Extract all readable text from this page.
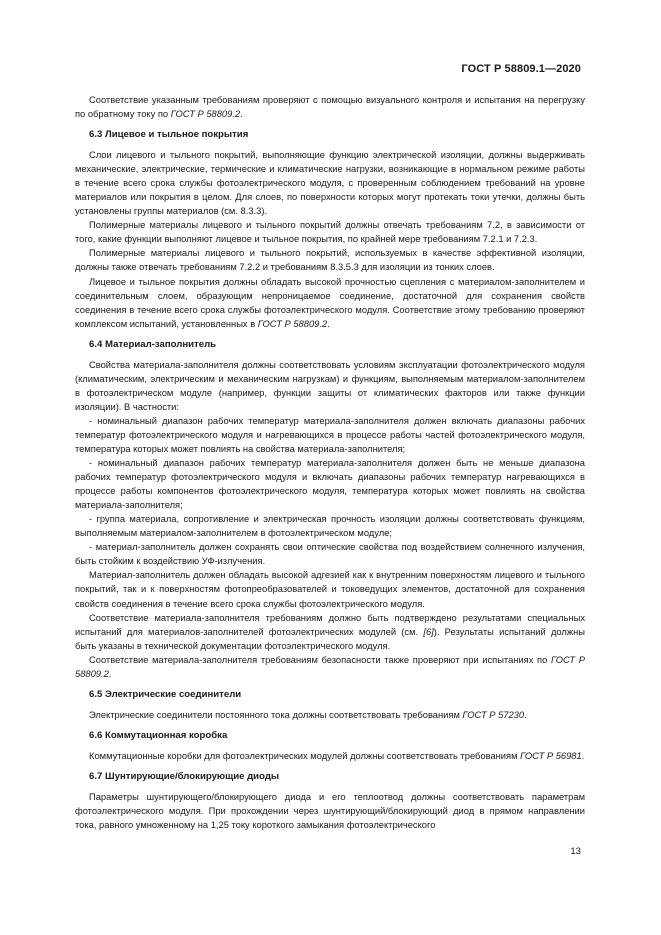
ГОСТ Р 58809.1—2020

Соответствие указанным требованиям проверяют с помощью визуального контроля и испытания на перегрузку по обратному току по ГОСТ Р 58809.2.

6.3 Лицевое и тыльное покрытия

Слои лицевого и тыльного покрытий, выполняющие функцию электрической изоляции, должны выдерживать механические, электрические, термические и климатические нагрузки, возникающие в нормальном режиме работы в течение всего срока службы фотоэлектрического модуля, с проверенным соблюдением требований на уровне материалов или покрытия в целом. Для слоев, по поверхности которых могут протекать токи утечки, должны быть установлены группы материалов (см. 8.3.3).

Полимерные материалы лицевого и тыльного покрытий должны отвечать требованиям 7.2, в зависимости от того, какие функции выполняют лицевое и тыльное покрытия, по крайней мере требованиям 7.2.1 и 7.2.3.

Полимерные материалы лицевого и тыльного покрытий, используемых в качестве эффективной изоляции, должны также отвечать требованиям 7.2.2 и требованиям 8.3.5.3 для изоляции из тонких слоев.

Лицевое и тыльное покрытия должны обладать высокой прочностью сцепления с материалом-заполнителем и соединительным слоем, образующим непроницаемое соединение, достаточной для сохранения свойств соединения в течение всего срока службы фотоэлектрического модуля. Соответствие этому требованию проверяют комплексом испытаний, установленных в ГОСТ Р 58809.2.

6.4 Материал-заполнитель

Свойства материала-заполнителя должны соответствовать условиям эксплуатации фотоэлектрического модуля (климатическим, электрическим и механическим нагрузкам) и функциям, выполняемым материалом-заполнителем в фотоэлектрическом модуле (например, функции защиты от климатических факторов или также функции изоляции). В частности:

- номинальный диапазон рабочих температур материала-заполнителя должен включать диапазоны рабочих температур фотоэлектрического модуля и нагревающихся в процессе работы частей фотоэлектрического модуля, температура которых может повлиять на свойства материала-заполнителя;

- номинальный диапазон рабочих температур материала-заполнителя должен быть не меньше диапазона рабочих температур фотоэлектрического модуля и включать диапазоны рабочих температур нагревающихся в процессе работы компонентов фотоэлектрического модуля, температура которых может повлиять на свойства материала-заполнителя;

- группа материала, сопротивление и электрическая прочность изоляции должны соответствовать функциям, выполняемым материалом-заполнителем в фотоэлектрическом модуле;

- материал-заполнитель должен сохранять свои оптические свойства под воздействием солнечного излучения, быть стойким к воздействию УФ-излучения.

Материал-заполнитель должен обладать высокой адгезией как к внутренним поверхностям лицевого и тыльного покрытий, так и к поверхностям фотопреобразователей и токоведущих элементов, достаточной для сохранения свойств соединения в течение всего срока службы фотоэлектрического модуля.

Соответствие материала-заполнителя требованиям должно быть подтверждено результатами специальных испытаний для материалов-заполнителей фотоэлектрических модулей (см. [6]). Результаты испытаний должны быть указаны в технической документации фотоэлектрического модуля.

Соответствие материала-заполнителя требованиям безопасности также проверяют при испытаниях по ГОСТ Р 58809.2.

6.5 Электрические соединители

Электрические соединители постоянного тока должны соответствовать требованиям ГОСТ Р 57230.

6.6 Коммутационная коробка

Коммутационные коробки для фотоэлектрических модулей должны соответствовать требованиям ГОСТ Р 56981.

6.7 Шунтирующие/блокирующие диоды

Параметры шунтирующего/блокирующего диода и его теплоотвод должны соответствовать параметрам фотоэлектрического модуля. При прохождении через шунтирующий/блокирующий диод в прямом направлении тока, равного умноженному на 1,25 току короткого замыкания фотоэлектрического

13
